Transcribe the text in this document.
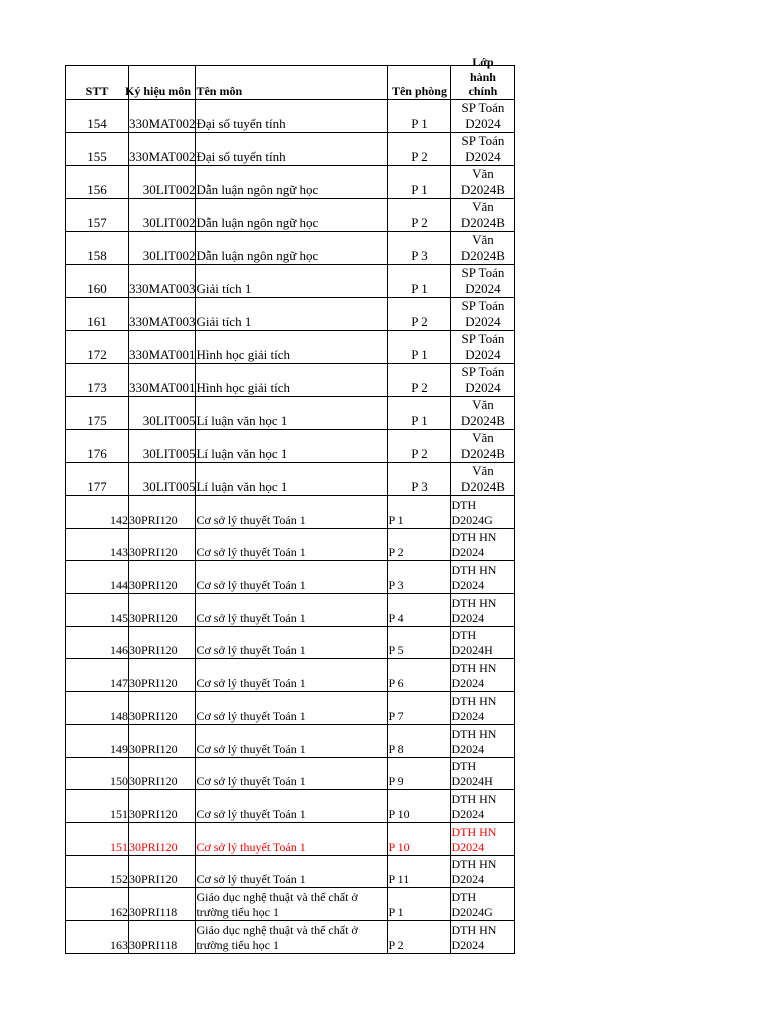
STT	Ký hiệu môn	Tên môn	Tên phòng	Lớp
hành
chính

154	330MAT002	Đại số tuyến tính	P 1	SP Toán
D2024
155	330MAT002	Đại số tuyến tính	P 2	SP Toán
D2024
156	30LIT002	Dẫn luận ngôn ngữ học	P 1	Văn
D2024B
157	30LIT002	Dẫn luận ngôn ngữ học	P 2	Văn
D2024B
158	30LIT002	Dẫn luận ngôn ngữ học	P 3	Văn
D2024B
160	330MAT003	Giải tích 1	P 1	SP Toán
D2024
161	330MAT003	Giải tích 1	P 2	SP Toán
D2024
172	330MAT001	Hình học giải tích	P 1	SP Toán
D2024
173	330MAT001	Hình học giải tích	P 2	SP Toán
D2024
175	30LIT005	Lí luận văn học 1	P 1	Văn
D2024B
176	30LIT005	Lí luận văn học 1	P 2	Văn
D2024B
177	30LIT005	Lí luận văn học 1	P 3	Văn
D2024B
142	30PRI120	Cơ sở lý thuyết Toán 1	P 1	DTH
D2024G
143	30PRI120	Cơ sở lý thuyết Toán 1	P 2	DTH HN
D2024
144	30PRI120	Cơ sở lý thuyết Toán 1	P 3	DTH HN
D2024
145	30PRI120	Cơ sở lý thuyết Toán 1	P 4	DTH HN
D2024
146	30PRI120	Cơ sở lý thuyết Toán 1	P 5	DTH
D2024H
147	30PRI120	Cơ sở lý thuyết Toán 1	P 6	DTH HN
D2024
148	30PRI120	Cơ sở lý thuyết Toán 1	P 7	DTH HN
D2024
149	30PRI120	Cơ sở lý thuyết Toán 1	P 8	DTH HN
D2024
150	30PRI120	Cơ sở lý thuyết Toán 1	P 9	DTH
D2024H
151	30PRI120	Cơ sở lý thuyết Toán 1	P 10	DTH HN
D2024
151	30PRI120	Cơ sở lý thuyết Toán 1	P 10	DTH HN
D2024
152	30PRI120	Cơ sở lý thuyết Toán 1	P 11	DTH HN
D2024
162	30PRI118	Giáo dục nghệ thuật và thể chất ở trường tiểu học 1	P 1	DTH
D2024G
163	30PRI118	Giáo dục nghệ thuật và thể chất ở trường tiểu học 1	P 2	DTH HN
D2024
